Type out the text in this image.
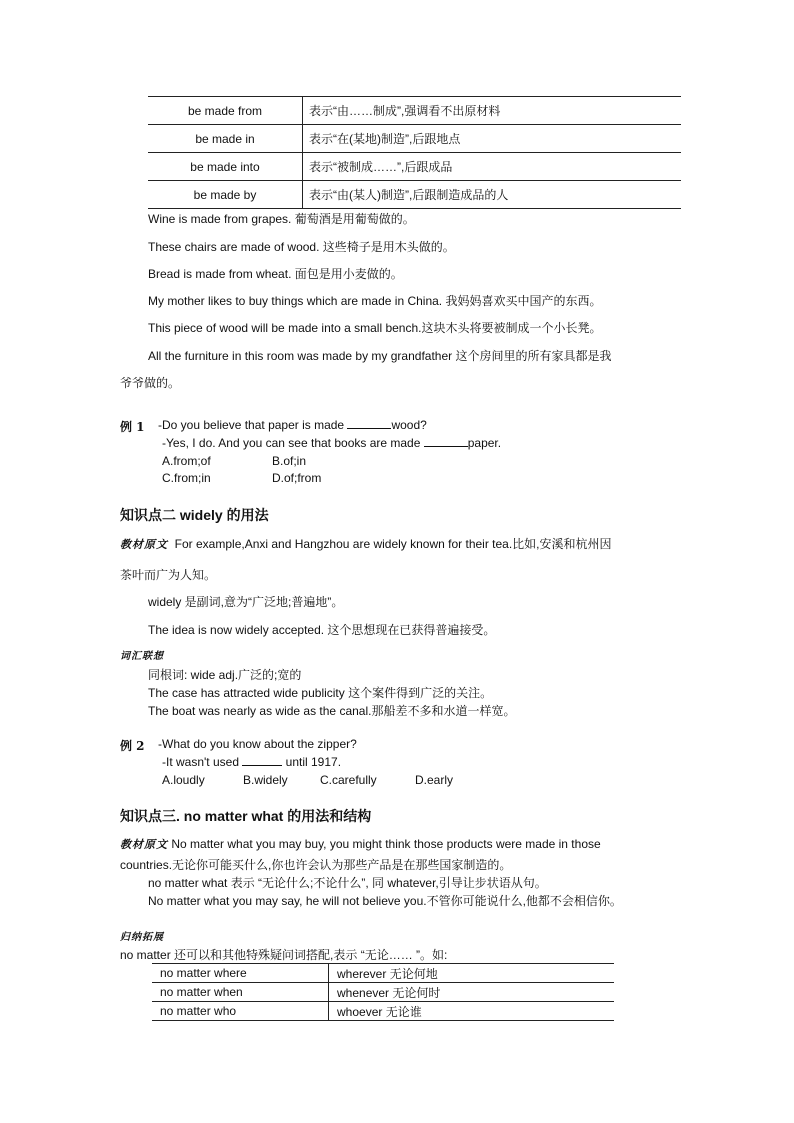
be made from	表示“由……制成”,强调看不出原材料
be made in	表示“在(某地)制造”,后跟地点
be made into	表示“被制成……”,后跟成品
be made by	表示“由(某人)制造”,后跟制造成品的人
Wine is made from grapes. 葡萄酒是用葡萄做的。
These chairs are made of wood. 这些椅子是用木头做的。
Bread is made from wheat. 面包是用小麦做的。
My mother likes to buy things which are made in China. 我妈妈喜欢买中国产的东西。
This piece of wood will be made into a small bench.这块木头将要被制成一个小长凳。
All the furniture in this room was made by my grandfather 这个房间里的所有家具都是我
爷爷做的。
例 1 -Do you believe that paper is made	wood?
-Yes, I do. And you can see that books are made	paper.
A.from;of	B.of;in
C.from;in	D.of;from
知识点二 widely 的用法
教材原文 For example,Anxi and Hangzhou are widely known for their tea.比如,安溪和杭州因
茶叶而广为人知。
widely 是副词,意为“广泛地;普遍地”。
The idea is now widely accepted. 这个思想现在已获得普遍接受。
词汇联想
同根词: wide adj.广泛的;宽的
The case has attracted wide publicity 这个案件得到广泛的关注。
The boat was nearly as wide as the canal.那船差不多和水道一样宽。
例 2 -What do you know about the zipper?
-It wasn't used	until 1917.
A.loudly	B.widely	C.carefully	D.early
知识点三. no matter what 的用法和结构
教材原文 No matter what you may buy, you might think those products were made in those
countries.无论你可能买什么,你也许会认为那些产品是在那些国家制造的。
no matter what 表示 “无论什么;不论什么”, 同 whatever,引导让步状语从句。
No matter what you may say, he will not believe you.不管你可能说什么,他都不会相信你。
归纳拓展
no matter 还可以和其他特殊疑问词搭配,表示 “无论…… ”。如:
no matter where	wherever 无论何地
no matter when	whenever 无论何时
no matter who	whoever 无论谁
